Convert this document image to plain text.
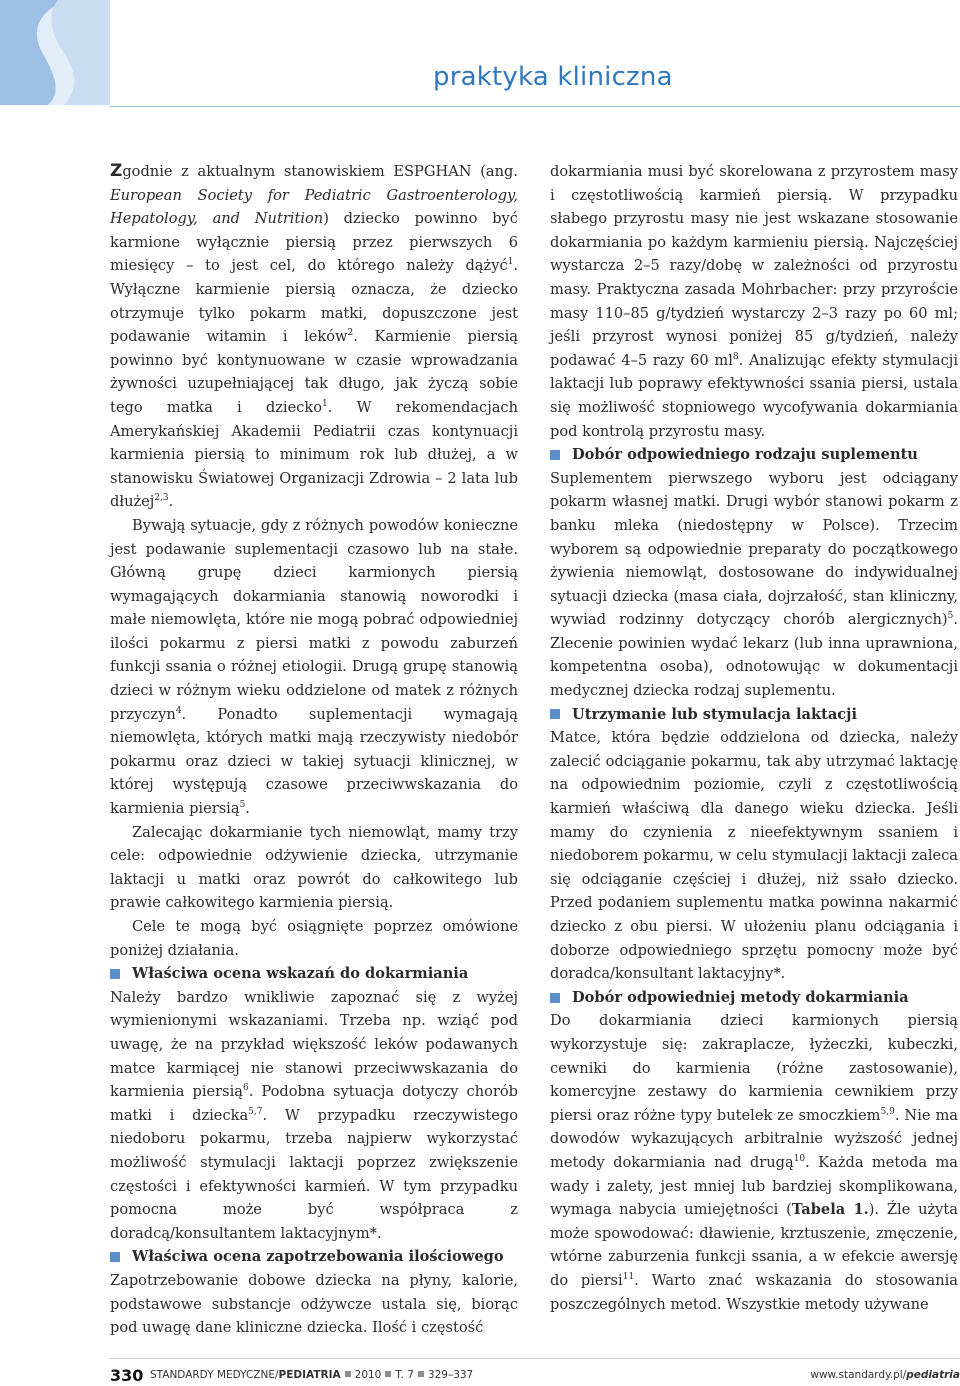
praktyka kliniczna

Zgodnie z aktualnym stanowiskiem ESPGHAN (ang. European Society for Pediatric Gastroenterology, Hepatology, and Nutrition) dziecko powinno być karmione wyłącznie piersią przez pierwszych 6 miesięcy – to jest cel, do którego należy dążyć$^1$. Wyłączne karmienie piersią oznacza, że dziecko otrzymuje tylko pokarm matki, dopuszczone jest podawanie witamin i leków$^2$. Karmienie piersią powinno być kontynuowane w czasie wprowadzania żywności uzupełniającej tak długo, jak życzą sobie tego matka i dziecko$^1$. W rekomendacjach Amerykańskiej Akademii Pediatrii czas kontynuacji karmienia piersią to minimum rok lub dłużej, a w stanowisku Światowej Organizacji Zdrowia – 2 lata lub dłużej$^{2,3}$.

Bywają sytuacje, gdy z różnych powodów konieczne jest podawanie suplementacji czasowo lub na stałe. Główną grupę dzieci karmionych piersią wymagających dokarmiania stanowią noworodki i małe niemowlęta, które nie mogą pobrać odpowiedniej ilości pokarmu z piersi matki z powodu zaburzeń funkcji ssania o różnej etiologii. Drugą grupę stanowią dzieci w różnym wieku oddzielone od matek z różnych przyczyn$^4$. Ponadto suplementacji wymagają niemowlęta, których matki mają rzeczywisty niedobór pokarmu oraz dzieci w takiej sytuacji klinicznej, w której występują czasowe przeciwwskazania do karmienia piersią$^5$.

Zalecając dokarmianie tych niemowląt, mamy trzy cele: odpowiednie odżywienie dziecka, utrzymanie laktacji u matki oraz powrót do całkowitego lub prawie całkowitego karmienia piersią.

Cele te mogą być osiągnięte poprzez omówione poniżej działania.

Właściwa ocena wskazań do dokarmiania

Należy bardzo wnikliwie zapoznać się z wyżej wymienionymi wskazaniami. Trzeba np. wziąć pod uwagę, że na przykład większość leków podawanych matce karmiącej nie stanowi przeciwwskazania do karmienia piersią$^6$. Podobna sytuacja dotyczy chorób matki i dziecka$^{5,7}$. W przypadku rzeczywistego niedoboru pokarmu, trzeba najpierw wykorzystać możliwość stymulacji laktacji poprzez zwiększenie częstości i efektywności karmień. W tym przypadku pomocna może być współpraca z doradcą/konsultantem laktacyjnym*.

Właściwa ocena zapotrzebowania ilościowego

Zapotrzebowanie dobowe dziecka na płyny, kalorie, podstawowe substancje odżywcze ustala się, biorąc pod uwagę dane kliniczne dziecka. Ilość i częstość

dokarmiania musi być skorelowana z przyrostem masy i częstotliwością karmień piersią. W przypadku słabego przyrostu masy nie jest wskazane stosowanie dokarmiania po każdym karmieniu piersią. Najczęściej wystarcza 2–5 razy/dobę w zależności od przyrostu masy. Praktyczna zasada Mohrbacher: przy przyroście masy 110–85 g/tydzień wystarczy 2–3 razy po 60 ml; jeśli przyrost wynosi poniżej 85 g/tydzień, należy podawać 4–5 razy 60 $ml^8$. Analizując efekty stymulacji laktacji lub poprawy efektywności ssania piersi, ustala się możliwość stopniowego wycofywania dokarmiania pod kontrolą przyrostu masy.

Dobór odpowiedniego rodzaju suplementu

Suplementem pierwszego wyboru jest odciągany pokarm własnej matki. Drugi wybór stanowi pokarm z banku mleka (niedostępny w Polsce). Trzecim wyborem są odpowiednie preparaty do początkowego żywienia niemowląt, dostosowane do indywidualnej sytuacji dziecka (masa ciała, dojrzałość, stan kliniczny, wywiad rodzinny dotyczący chorób alergicznych)$^5$. Zlecenie powinien wydać lekarz (lub inna uprawniona, kompetentna osoba), odnotowując w dokumentacji medycznej dziecka rodzaj suplementu.

Utrzymanie lub stymulacja laktacji

Matce, która będzie oddzielona od dziecka, należy zalecić odciąganie pokarmu, tak aby utrzymać laktację na odpowiednim poziomie, czyli z częstotliwością karmień właściwą dla danego wieku dziecka. Jeśli mamy do czynienia z nieefektywnym ssaniem i niedoborem pokarmu, w celu stymulacji laktacji zaleca się odciąganie częściej i dłużej, niż ssało dziecko. Przed podaniem suplementu matka powinna nakarmić dziecko z obu piersi. W ułożeniu planu odciągania i doborze odpowiedniego sprzętu pomocny może być doradca/konsultant laktacyjny*.

Dobór odpowiedniej metody dokarmiania

Do dokarmiania dzieci karmionych piersią wykorzystuje się: zakraplacze, łyżeczki, kubeczki, cewniki do karmienia (różne zastosowanie), komercyjne zestawy do karmienia cewnikiem przy piersi oraz różne typy butelek ze smoczkiem$^{5,9}$. Nie ma dowodów wykazujących arbitralnie wyższość jednej metody dokarmiania nad drugą$^{10}$. Każda metoda ma wady i zalety, jest mniej lub bardziej skomplikowana, wymaga nabycia umiejętności (Tabela 1.). Źle użyta może spowodować: dławienie, krztuszenie, zmęczenie, wtórne zaburzenia funkcji ssania, a w efekcie awersję do piersi$^{11}$. Warto znać wskazania do stosowania poszczególnych metod. Wszystkie metody używane

330 STANDARDY MEDYCZNE/PEDIATRIA 2010 T. 7 329–337	www.standardy.pl/pediatria
